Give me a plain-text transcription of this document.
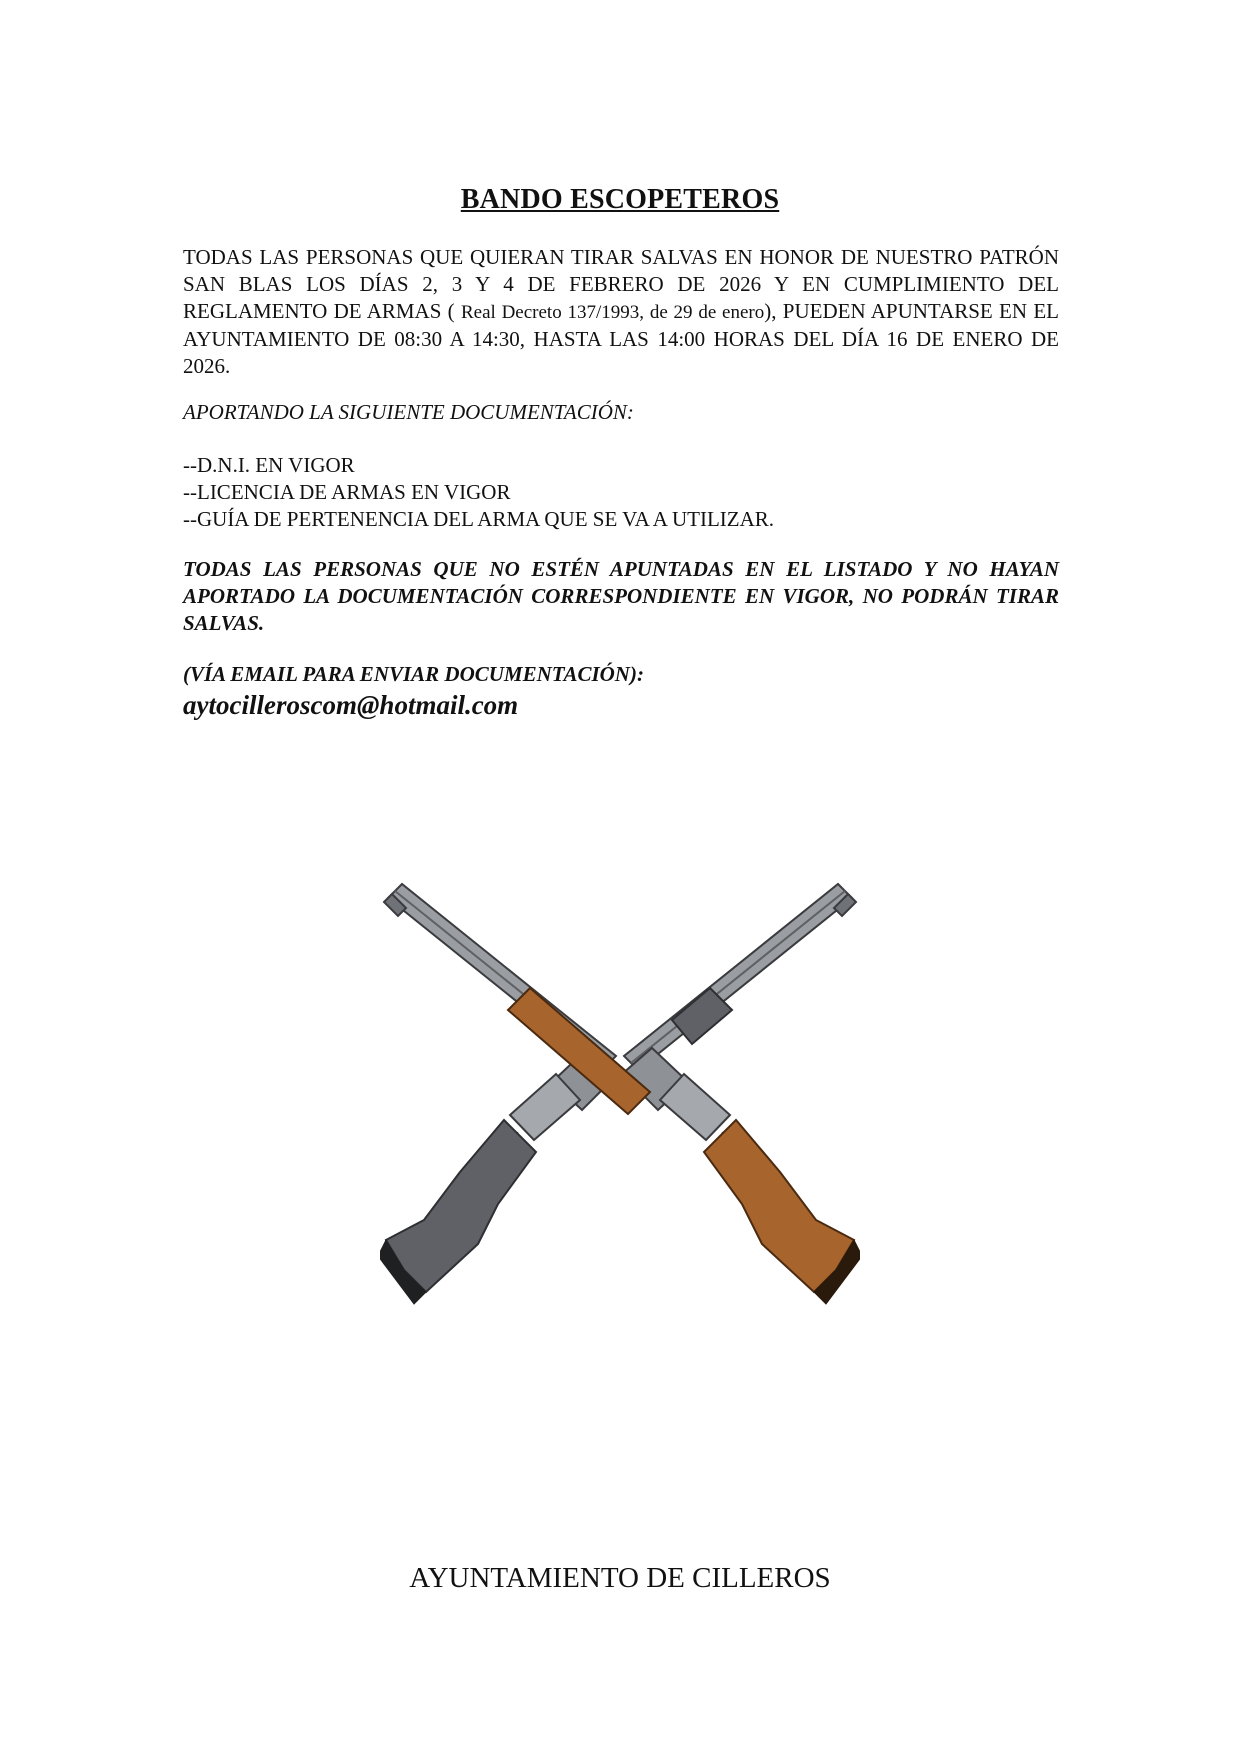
BANDO ESCOPETEROS
TODAS LAS PERSONAS QUE QUIERAN TIRAR SALVAS EN HONOR DE NUESTRO PATRÓN SAN BLAS LOS DÍAS 2, 3 Y 4 DE FEBRERO DE 2026 Y EN CUMPLIMIENTO DEL REGLAMENTO DE ARMAS ( Real Decreto 137/1993, de 29 de enero), PUEDEN APUNTARSE EN EL AYUNTAMIENTO DE 08:30 A 14:30, HASTA LAS 14:00 HORAS DEL DÍA 16 DE ENERO DE 2026.
APORTANDO LA SIGUIENTE DOCUMENTACIÓN:
--D.N.I. EN VIGOR
--LICENCIA DE ARMAS EN VIGOR
--GUÍA DE PERTENENCIA DEL ARMA QUE SE VA A UTILIZAR.
TODAS LAS PERSONAS QUE NO ESTÉN APUNTADAS EN EL LISTADO Y NO HAYAN APORTADO LA DOCUMENTACIÓN CORRESPONDIENTE EN VIGOR, NO PODRÁN TIRAR SALVAS.
(VÍA EMAIL PARA ENVIAR DOCUMENTACIÓN):
aytocilleroscom@hotmail.com
AYUNTAMIENTO DE CILLEROS
